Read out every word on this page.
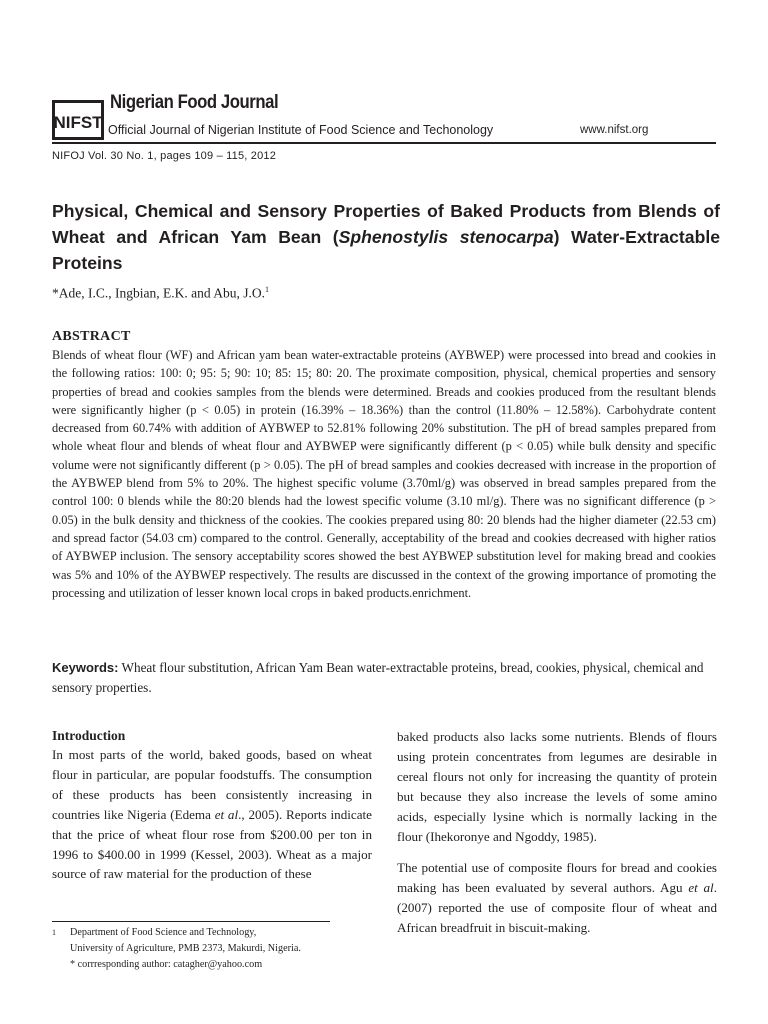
NIFST
Nigerian Food Journal
Official Journal of Nigerian Institute of Food Science and Techonology	www.nifst.org
NIFOJ Vol. 30 No. 1, pages 109 – 115, 2012
Physical, Chemical and Sensory Properties of Baked Products from Blends of Wheat and African Yam Bean (Sphenostylis stenocarpa) Water-Extractable Proteins
*Ade, I.C., Ingbian, E.K. and Abu, J.O.$^1$
ABSTRACT

Blends of wheat flour (WF) and African yam bean water-extractable proteins (AYBWEP) were processed into bread and cookies in the following ratios: 100: 0; 95: 5; 90: 10; 85: 15; 80: 20. The proximate composition, physical, chemical properties and sensory properties of bread and cookies samples from the blends were determined. Breads and cookies produced from the resultant blends were significantly higher (p < 0.05) in protein (16.39% – 18.36%) than the control (11.80% – 12.58%). Carbohydrate content decreased from 60.74% with addition of AYBWEP to 52.81% following 20% substitution. The pH of bread samples prepared from whole wheat flour and blends of wheat flour and AYBWEP were significantly different (p < 0.05) while bulk density and specific volume were not significantly different (p > 0.05). The pH of bread samples and cookies decreased with increase in the proportion of the AYBWEP blend from 5% to 20%. The highest specific volume (3.70ml/g) was observed in bread samples prepared from the control 100: 0 blends while the 80:20 blends had the lowest specific volume (3.10 ml/g). There was no significant difference (p > 0.05) in the bulk density and thickness of the cookies. The cookies prepared using 80: 20 blends had the higher diameter (22.53 cm) and spread factor (54.03 cm) compared to the control. Generally, acceptability of the bread and cookies decreased with higher ratios of AYBWEP inclusion. The sensory acceptability scores showed the best AYBWEP substitution level for making bread and cookies was 5% and 10% of the AYBWEP respectively. The results are discussed in the context of the growing importance of promoting the processing and utilization of lesser known local crops in baked products.enrichment.

Keywords: Wheat flour substitution, African Yam Bean water-extractable proteins, bread, cookies, physical, chemical and sensory properties.

Introduction

In most parts of the world, baked goods, based on wheat flour in particular, are popular foodstuffs. The consumption of these products has been consistently increasing in countries like Nigeria (Edema et al., 2005). Reports indicate that the price of wheat flour rose from $200.00 per ton in 1996 to $400.00 in 1999 (Kessel, 2003). Wheat as a major source of raw material for the production of these

baked products also lacks some nutrients. Blends of flours using protein concentrates from legumes are desirable in cereal flours not only for increasing the quantity of protein but because they also increase the levels of some amino acids, especially lysine which is normally lacking in the flour (Ihekoronye and Ngoddy, 1985).

The potential use of composite flours for bread and cookies making has been evaluated by several authors. Agu et al. (2007) reported the use of composite flour of wheat and African breadfruit in biscuit-making.

1 Department of Food Science and Technology,
University of Agriculture, PMB 2373, Makurdi, Nigeria.
* corrresponding author: catagher@yahoo.com
